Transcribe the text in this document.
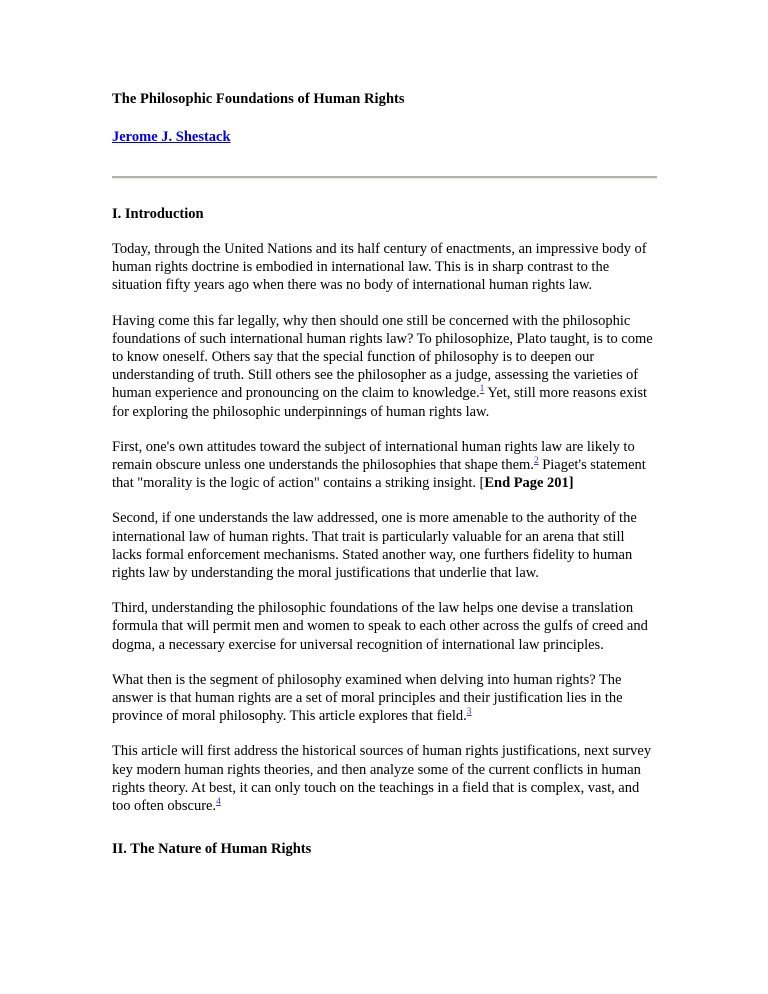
The Philosophic Foundations of Human Rights
Jerome J. Shestack
I. Introduction

Today, through the United Nations and its half century of enactments, an impressive body of human rights doctrine is embodied in international law. This is in sharp contrast to the situation fifty years ago when there was no body of international human rights law.

Having come this far legally, why then should one still be concerned with the philosophic foundations of such international human rights law? To philosophize, Plato taught, is to come to know oneself. Others say that the special function of philosophy is to deepen our understanding of truth. Still others see the philosopher as a judge, assessing the varieties of human experience and pronouncing on the claim to knowledge.$^1$ Yet, still more reasons exist for exploring the philosophic underpinnings of human rights law.

First, one's own attitudes toward the subject of international human rights law are likely to remain obscure unless one understands the philosophies that shape them.$^2$ Piaget's statement that "morality is the logic of action" contains a striking insight. [End Page 201]

Second, if one understands the law addressed, one is more amenable to the authority of the international law of human rights. That trait is particularly valuable for an arena that still lacks formal enforcement mechanisms. Stated another way, one furthers fidelity to human rights law by understanding the moral justifications that underlie that law.

Third, understanding the philosophic foundations of the law helps one devise a translation formula that will permit men and women to speak to each other across the gulfs of creed and dogma, a necessary exercise for universal recognition of international law principles.

What then is the segment of philosophy examined when delving into human rights? The answer is that human rights are a set of moral principles and their justification lies in the province of moral philosophy. This article explores that field.$^3$

This article will first address the historical sources of human rights justifications, next survey key modern human rights theories, and then analyze some of the current conflicts in human rights theory. At best, it can only touch on the teachings in a field that is complex, vast, and too often obscure.$^4$

II. The Nature of Human Rights
